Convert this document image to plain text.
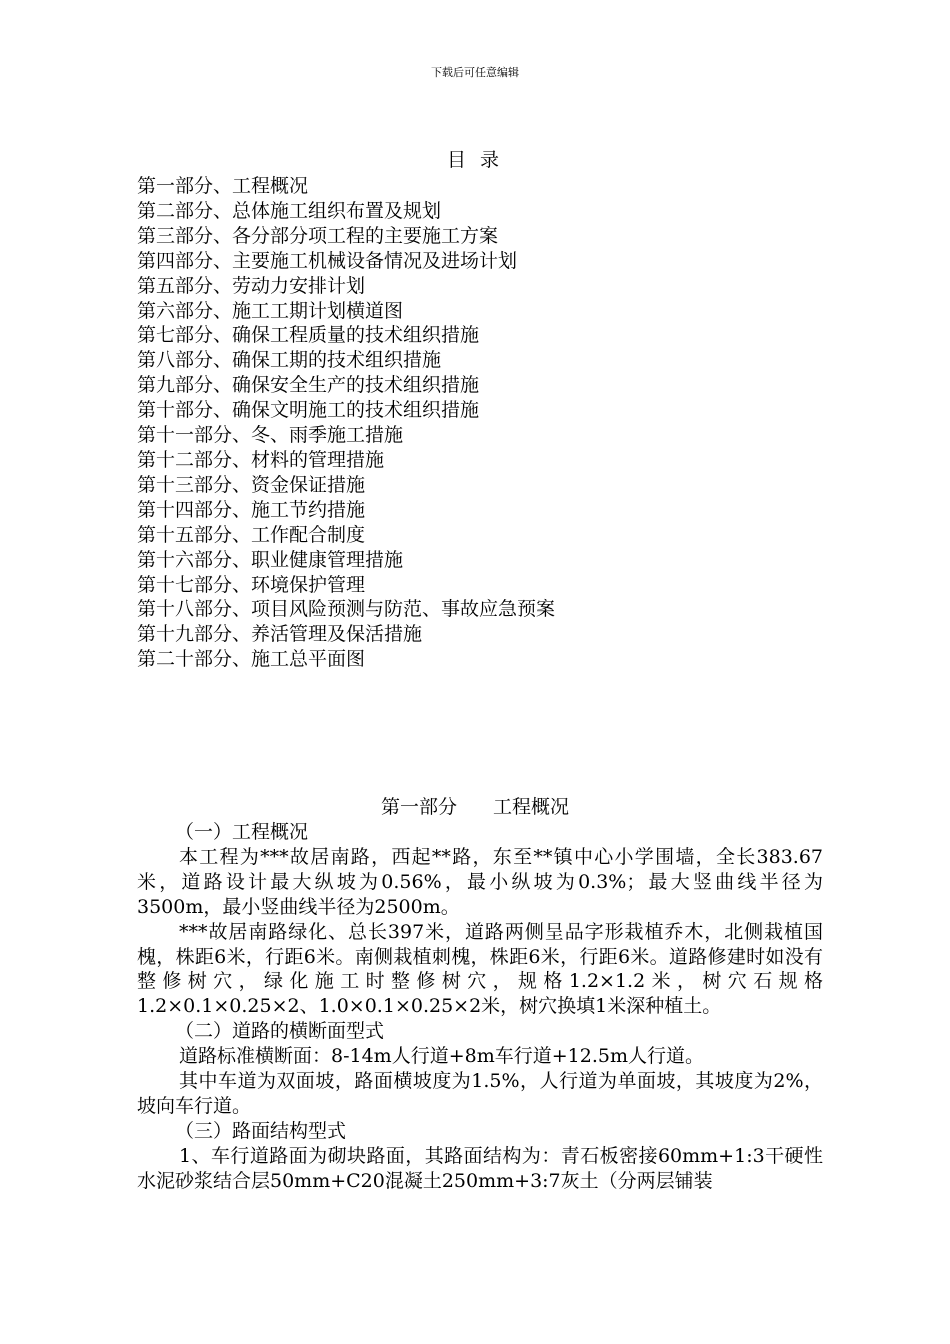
下载后可任意编辑
目 录
第一部分、工程概况
第二部分、总体施工组织布置及规划
第三部分、各分部分项工程的主要施工方案
第四部分、主要施工机械设备情况及进场计划
第五部分、劳动力安排计划
第六部分、施工工期计划横道图
第七部分、确保工程质量的技术组织措施
第八部分、确保工期的技术组织措施
第九部分、确保安全生产的技术组织措施
第十部分、确保文明施工的技术组织措施
第十一部分、冬、雨季施工措施
第十二部分、材料的管理措施
第十三部分、资金保证措施
第十四部分、施工节约措施
第十五部分、工作配合制度
第十六部分、职业健康管理措施
第十七部分、环境保护管理
第十八部分、项目风险预测与防范、事故应急预案
第十九部分、养活管理及保活措施
第二十部分、施工总平面图
第一部分 工程概况

（一）工程概况

本工程为***故居南路，西起**路，东至**镇中心小学围墙，全长383.67米，道路设计最大纵坡为0.56%，最小纵坡为0.3%；最大竖曲线半径为3500m，最小竖曲线半径为2500m。

***故居南路绿化、总长397米，道路两侧呈品字形栽植乔木，北侧栽植国槐，株距6米，行距6米。南侧栽植刺槐，株距6米，行距6米。道路修建时如没有整修树穴，绿化施工时整修树穴，规格1.2×1.2米，树穴石规格1.2×0.1×0.25×2、1.0×0.1×0.25×2米，树穴换填1米深种植土。

（二）道路的横断面型式

道路标准横断面：8-14m人行道+8m车行道+12.5m人行道。

其中车道为双面坡，路面横坡度为1.5%，人行道为单面坡，其坡度为2%，坡向车行道。

（三）路面结构型式

1、车行道路面为砌块路面，其路面结构为：青石板密接60mm+1:3干硬性水泥砂浆结合层50mm+C20混凝土250mm+3:7灰土（分两层铺装
